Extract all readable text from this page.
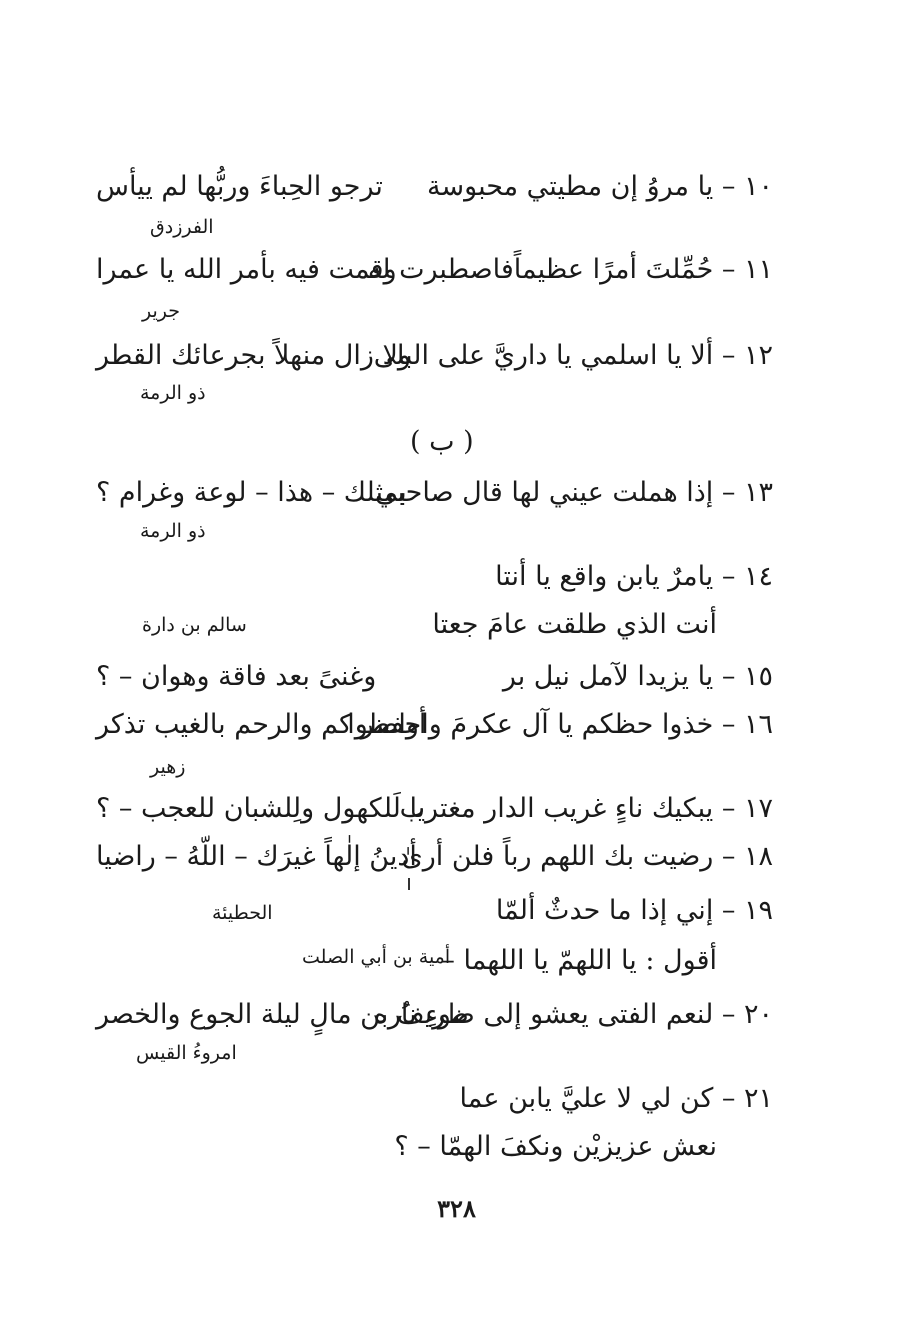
١٠ – يا مروُ إن مطيتي محبوسة
ترجو الحِباءَ وربُّها لم ييأس
الفرزدق
١١ – حُمِّلتَ أمرًا عظيماًفاصطبرت له
وقمت فيه بأمر الله يا عمرا
جرير
١٢ – ألا يا اسلمي يا داريَّ على البلى
ولا زال منهلاً بجرعائك القطر
ذو الرمة
( ب )
١٣ – إذا هملت عيني لها قال صاحبي
بمثلك – هذا – لوعة وغرام ؟
ذو الرمة
١٤ – يامرٌ يابن واقع يا أنتا
أنت الذي طلقت عامَ جعتا
سالم بن دارة
١٥ – يا يزيدا لآمل نيل بر
وغنىً بعد فاقة وهوان – ؟
١٦ – خذوا حظكم يا آل عكرمَ واحفظوا
أواصر كم والرحم بالغيب تذكر
زهير
١٧ – يبكيك ناءٍ غريب الدار مغترب
يا لَلكهول ولِلشبان للعجب – ؟
١٨ – رضيت بك اللهم رباً فلن أرىٰ
أدينُ إلٰهاً غيرَك – اللّهُ – راضيا
١٩ – إني إذا ما حدثٌ ألمّا
الحطيئة
أقول : يا اللهمّ يا اللهما –
أمية بن أبي الصلت
٢٠ – لنعم الفتى يعشو إلى ضوءِ ناره
طريفُ بن مالٍ ليلة الجوع والخصر
امروءُ القيس
٢١ – كن لي لا عليَّ يابن عما
نعش عزيزيْن ونكفَ الهمّا – ؟
٣٢٨
